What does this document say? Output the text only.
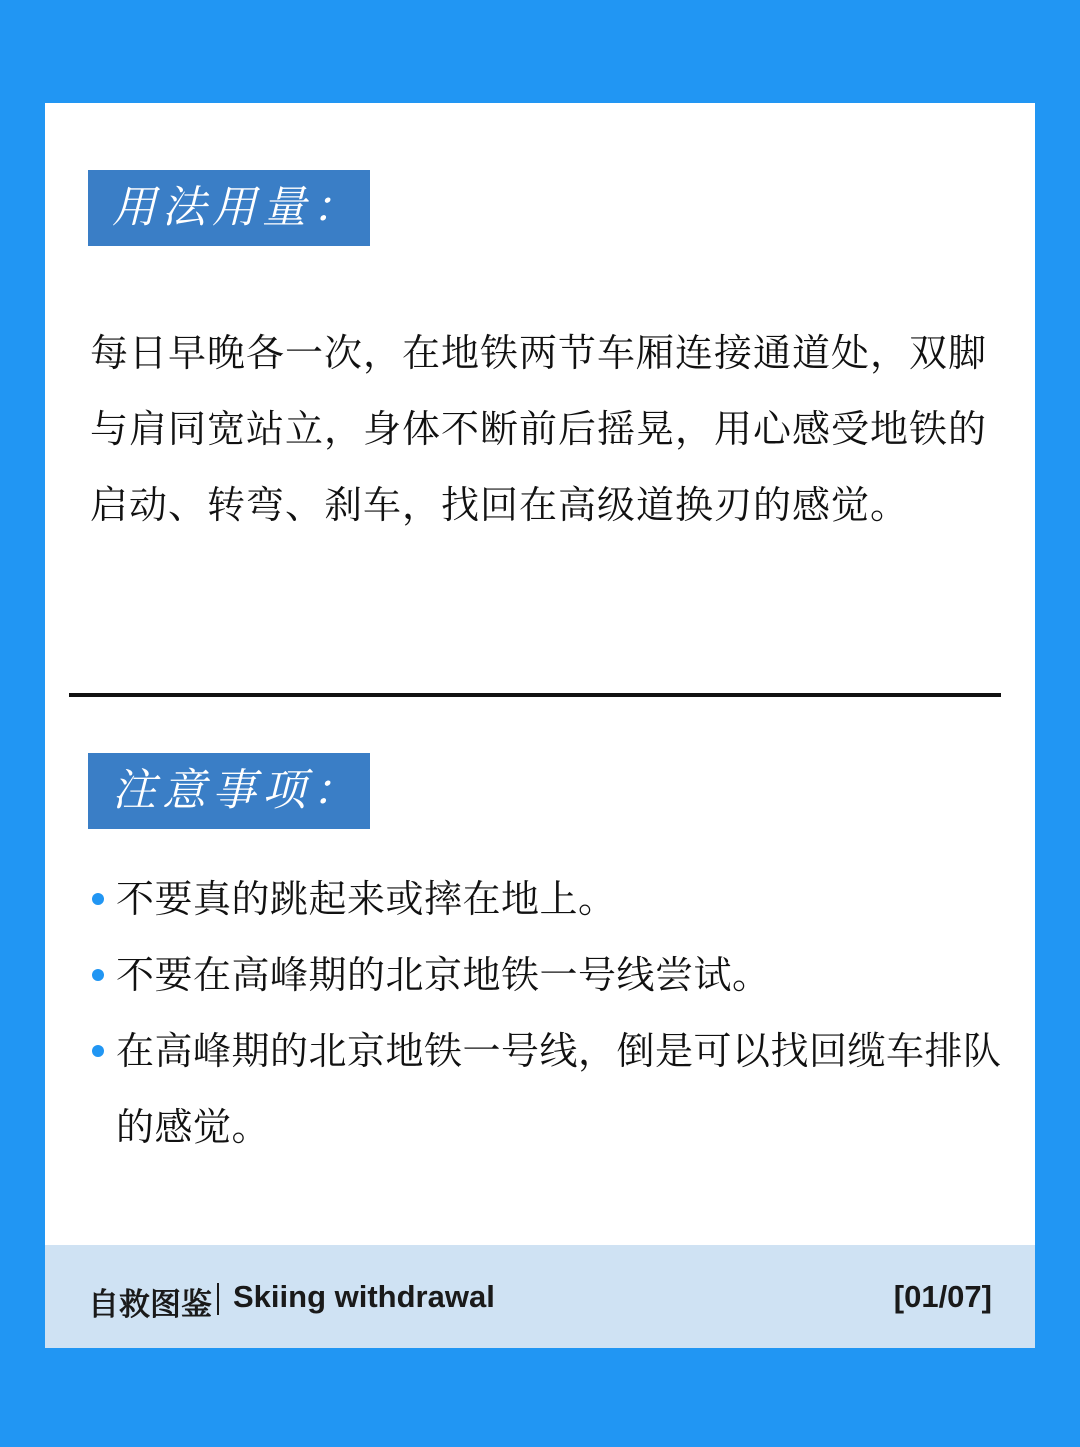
用法用量：

每日早晚各一次，在地铁两节车厢连接通道处，双脚与肩同宽站立，身体不断前后摇晃，用心感受地铁的启动、转弯、刹车，找回在高级道换刃的感觉。

注意事项：
不要真的跳起来或摔在地上。
不要在高峰期的北京地铁一号线尝试。
在高峰期的北京地铁一号线，倒是可以找回缆车排队的感觉。
自救图鉴 Skiing withdrawal	[01/07]
